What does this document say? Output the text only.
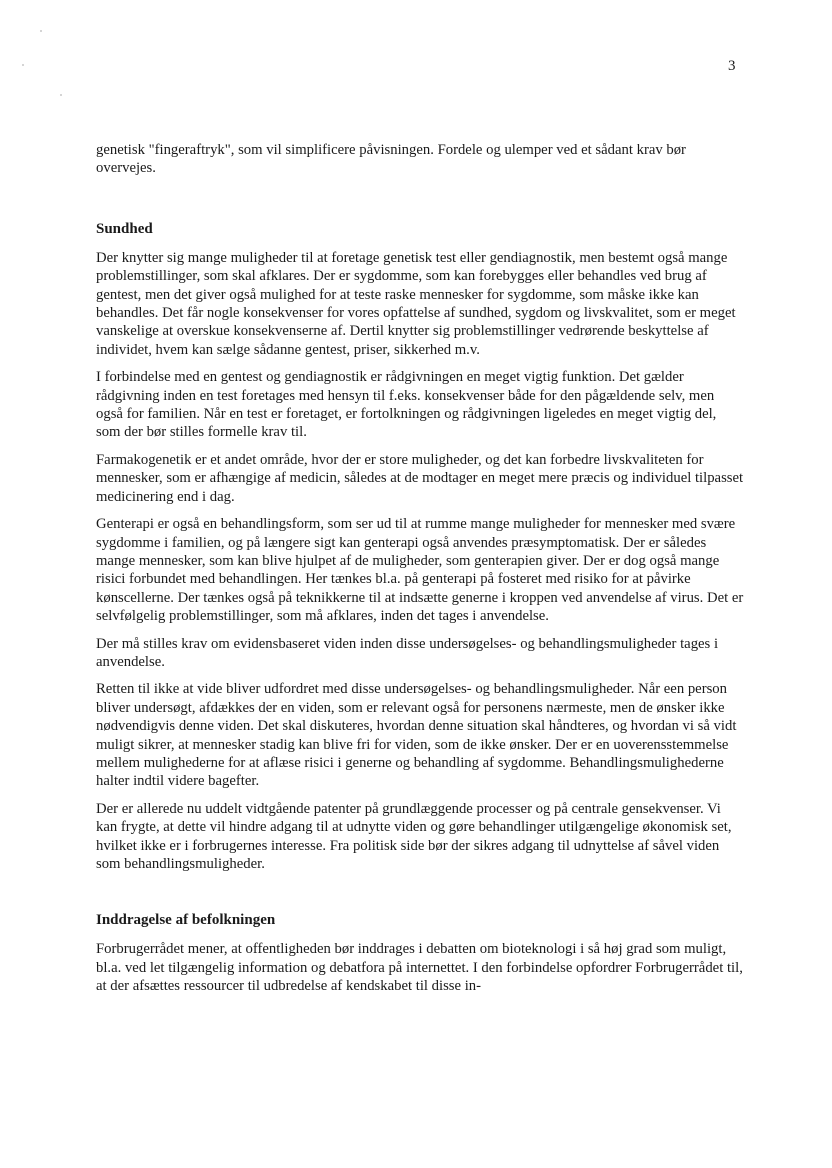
3

genetisk "fingeraftryk", som vil simplificere påvisningen. Fordele og ulemper ved et sådant krav bør overvejes.

Sundhed

Der knytter sig mange muligheder til at foretage genetisk test eller gendiagnostik, men bestemt også mange problemstillinger, som skal afklares. Der er sygdomme, som kan forebygges eller behandles ved brug af gentest, men det giver også mulighed for at teste raske mennesker for sygdomme, som måske ikke kan behandles. Det får nogle konsekvenser for vores opfattelse af sundhed, sygdom og livskvalitet, som er meget vanskelige at overskue konsekvenserne af. Dertil knytter sig problemstillinger vedrørende beskyttelse af individet, hvem kan sælge sådanne gentest, priser, sikkerhed m.v.

I forbindelse med en gentest og gendiagnostik er rådgivningen en meget vigtig funktion. Det gælder rådgivning inden en test foretages med hensyn til f.eks. konsekvenser både for den pågældende selv, men også for familien. Når en test er foretaget, er fortolkningen og rådgivningen ligeledes en meget vigtig del, som der bør stilles formelle krav til.

Farmakogenetik er et andet område, hvor der er store muligheder, og det kan forbedre livskvaliteten for mennesker, som er afhængige af medicin, således at de modtager en meget mere præcis og individuel tilpasset medicinering end i dag.

Genterapi er også en behandlingsform, som ser ud til at rumme mange muligheder for mennesker med svære sygdomme i familien, og på længere sigt kan genterapi også anvendes præsymptomatisk. Der er således mange mennesker, som kan blive hjulpet af de muligheder, som genterapien giver. Der er dog også mange risici forbundet med behandlingen. Her tænkes bl.a. på genterapi på fosteret med risiko for at påvirke kønscellerne. Der tænkes også på teknikkerne til at indsætte generne i kroppen ved anvendelse af virus. Det er selvfølgelig problemstillinger, som må afklares, inden det tages i anvendelse.

Der må stilles krav om evidensbaseret viden inden disse undersøgelses- og behandlingsmuligheder tages i anvendelse.

Retten til ikke at vide bliver udfordret med disse undersøgelses- og behandlingsmuligheder. Når een person bliver undersøgt, afdækkes der en viden, som er relevant også for personens nærmeste, men de ønsker ikke nødvendigvis denne viden. Det skal diskuteres, hvordan denne situation skal håndteres, og hvordan vi så vidt muligt sikrer, at mennesker stadig kan blive fri for viden, som de ikke ønsker. Der er en uoverensstemmelse mellem mulighederne for at aflæse risici i generne og behandling af sygdomme. Behandlingsmulighederne halter indtil videre bagefter.

Der er allerede nu uddelt vidtgående patenter på grundlæggende processer og på centrale gensekvenser. Vi kan frygte, at dette vil hindre adgang til at udnytte viden og gøre behandlinger utilgængelige økonomisk set, hvilket ikke er i forbrugernes interesse. Fra politisk side bør der sikres adgang til udnyttelse af såvel viden som behandlingsmuligheder.

Inddragelse af befolkningen

Forbrugerrådet mener, at offentligheden bør inddrages i debatten om bioteknologi i så høj grad som muligt, bl.a. ved let tilgængelig information og debatfora på internettet. I den forbindelse opfordrer Forbrugerrådet til, at der afsættes ressourcer til udbredelse af kendskabet til disse in-
